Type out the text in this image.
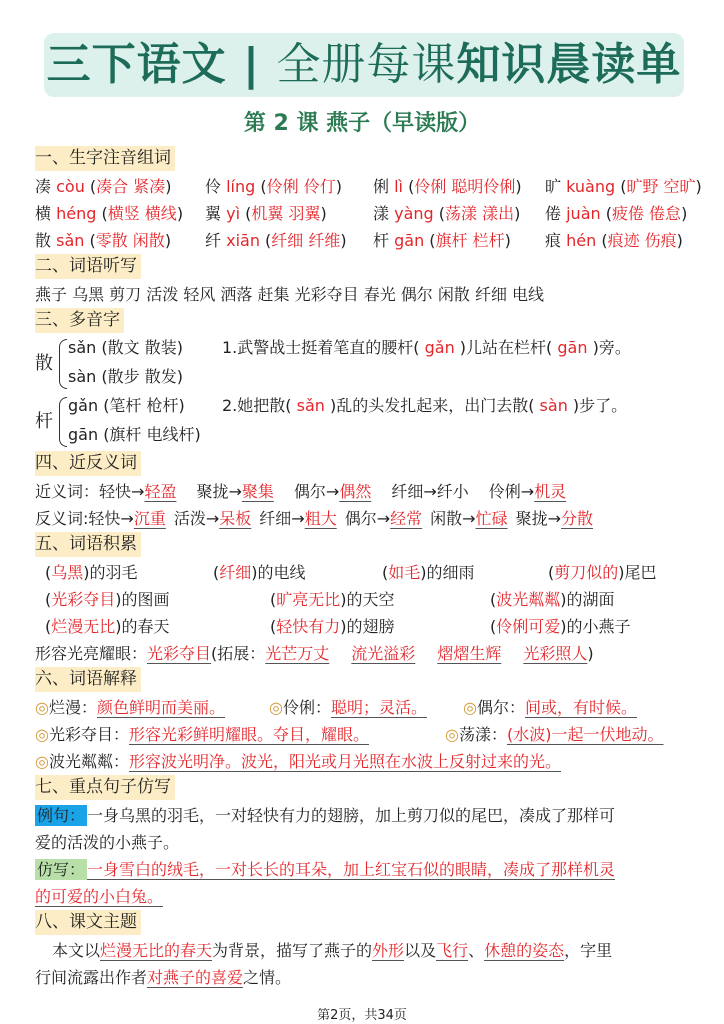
三下语文 | 全册每课知识晨读单
第 2 课 燕子（早读版）
一、生字注音组词
凑 còu (凑合 紧凑) 伶 líng (伶俐 伶仃) 俐 lì (伶俐 聪明伶俐) 旷 kuàng (旷野 空旷)
横 héng (横竖 横线) 翼 yì (机翼 羽翼)	漾 yàng (荡漾 漾出) 倦 juàn (疲倦 倦怠)
散 sǎn (零散 闲散) 纤 xiān (纤细 纤维) 杆 gān (旗杆 栏杆) 痕 hén (痕迹 伤痕)
二、词语听写
燕子 乌黑 剪刀 活泼 轻风 洒落 赶集 光彩夺目 春光 偶尔 闲散 纤细 电线
三、多音字
散
sǎn (散文 散装)
sàn (散步 散发)
1.武警战士挺着笔直的腰杆( gǎn )儿站在栏杆( gān )旁。
杆
gǎn (笔杆 枪杆)
gān (旗杆 电线杆)
2.她把散( sǎn )乱的头发扎起来，出门去散( sàn )步了。
四、近反义词
近义词：轻快→轻盈 聚拢→聚集 偶尔→偶然 纤细→纤小 伶俐→机灵
反义词:轻快→沉重 活泼→呆板 纤细→粗大 偶尔→经常 闲散→忙碌 聚拢→分散
五、词语积累
(乌黑)的羽毛	(纤细)的电线	(如毛)的细雨	(剪刀似的)尾巴
(光彩夺目)的图画	(旷亮无比)的天空	(波光粼粼)的湖面
(烂漫无比)的春天	(轻快有力)的翅膀	(伶俐可爱)的小燕子
形容光亮耀眼：光彩夺目(拓展：光芒万丈 流光溢彩 熠熠生辉 光彩照人)
六、词语解释
◎烂漫：颜色鲜明而美丽。	◎伶俐：聪明；灵活。 ◎偶尔：间或，有时候。
◎光彩夺目：形容光彩鲜明耀眼。夺目，耀眼。	◎荡漾：(水波)一起一伏地动。
◎波光粼粼：形容波光明净。波光，阳光或月光照在水波上反射过来的光。
七、重点句子仿写
例句： 一身乌黑的羽毛，一对轻快有力的翅膀，加上剪刀似的尾巴，凑成了那样可
爱的活泼的小燕子。
仿写： 一身雪白的绒毛，一对长长的耳朵，加上红宝石似的眼睛，凑成了那样机灵
的可爱的小白兔。
八、课文主题
本文以烂漫无比的春天为背景，描写了燕子的外形以及飞行、休憩的姿态，字里
行间流露出作者对燕子的喜爱之情。
第2页，共34页
